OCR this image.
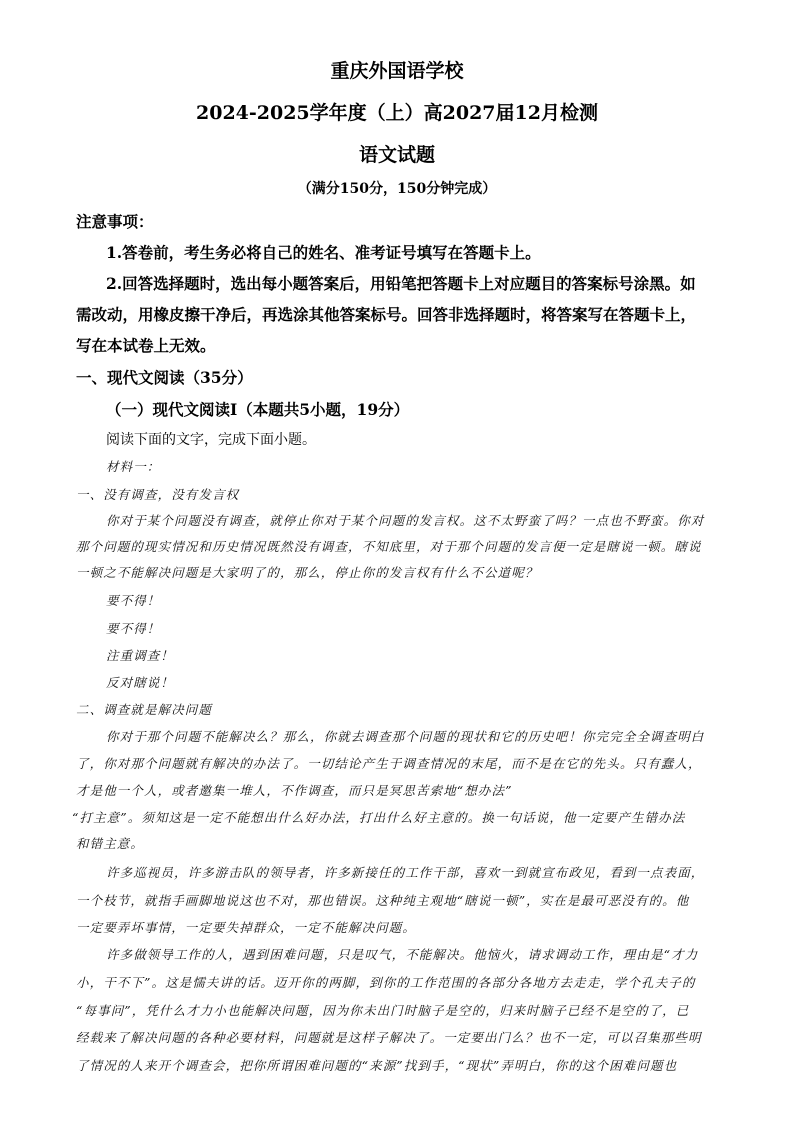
重庆外国语学校
2024-2025学年度（上）高2027届12月检测
语文试题
（满分150分，150分钟完成）
注意事项：
1.答卷前，考生务必将自己的姓名、准考证号填写在答题卡上。
2.回答选择题时，选出每小题答案后，用铅笔把答题卡上对应题目的答案标号涂黑。如
需改动，用橡皮擦干净后，再选涂其他答案标号。回答非选择题时，将答案写在答题卡上，
写在本试卷上无效。
一、现代文阅读（35分）
（一）现代文阅读Ⅰ（本题共5小题，19分）
阅读下面的文字，完成下面小题。
材料一：
一、没有调查，没有发言权
你对于某个问题没有调查，就停止你对于某个问题的发言权。这不太野蛮了吗？一点也不野蛮。你对
那个问题的现实情况和历史情况既然没有调查，不知底里，对于那个问题的发言便一定是瞎说一顿。瞎说
一顿之不能解决问题是大家明了的，那么，停止你的发言权有什么不公道呢？
要不得！
要不得！
注重调查！
反对瞎说！
二、调查就是解决问题
你对于那个问题不能解决么？那么，你就去调查那个问题的现状和它的历史吧！你完完全全调查明白
了，你对那个问题就有解决的办法了。一切结论产生于调查情况的末尾，而不是在它的先头。只有蠢人，
才是他一个人，或者邀集一堆人，不作调查，而只是冥思苦索地“想办法”
“打主意”。须知这是一定不能想出什么好办法，打出什么好主意的。换一句话说，他一定要产生错办法
和错主意。
许多巡视员，许多游击队的领导者，许多新接任的工作干部，喜欢一到就宣布政见，看到一点表面，
一个枝节，就指手画脚地说这也不对，那也错误。这种纯主观地“瞎说一顿”，实在是最可恶没有的。他
一定要弄坏事情，一定要失掉群众，一定不能解决问题。
许多做领导工作的人，遇到困难问题，只是叹气，不能解决。他恼火，请求调动工作，理由是“才力
小，干不下”。这是懦夫讲的话。迈开你的两脚，到你的工作范围的各部分各地方去走走，学个孔夫子的
“每事问”，凭什么才力小也能解决问题，因为你未出门时脑子是空的，归来时脑子已经不是空的了，已
经载来了解决问题的各种必要材料，问题就是这样子解决了。一定要出门么？也不一定，可以召集那些明
了情况的人来开个调查会，把你所谓困难问题的“来源”找到手，“现状”弄明白，你的这个困难问题也
